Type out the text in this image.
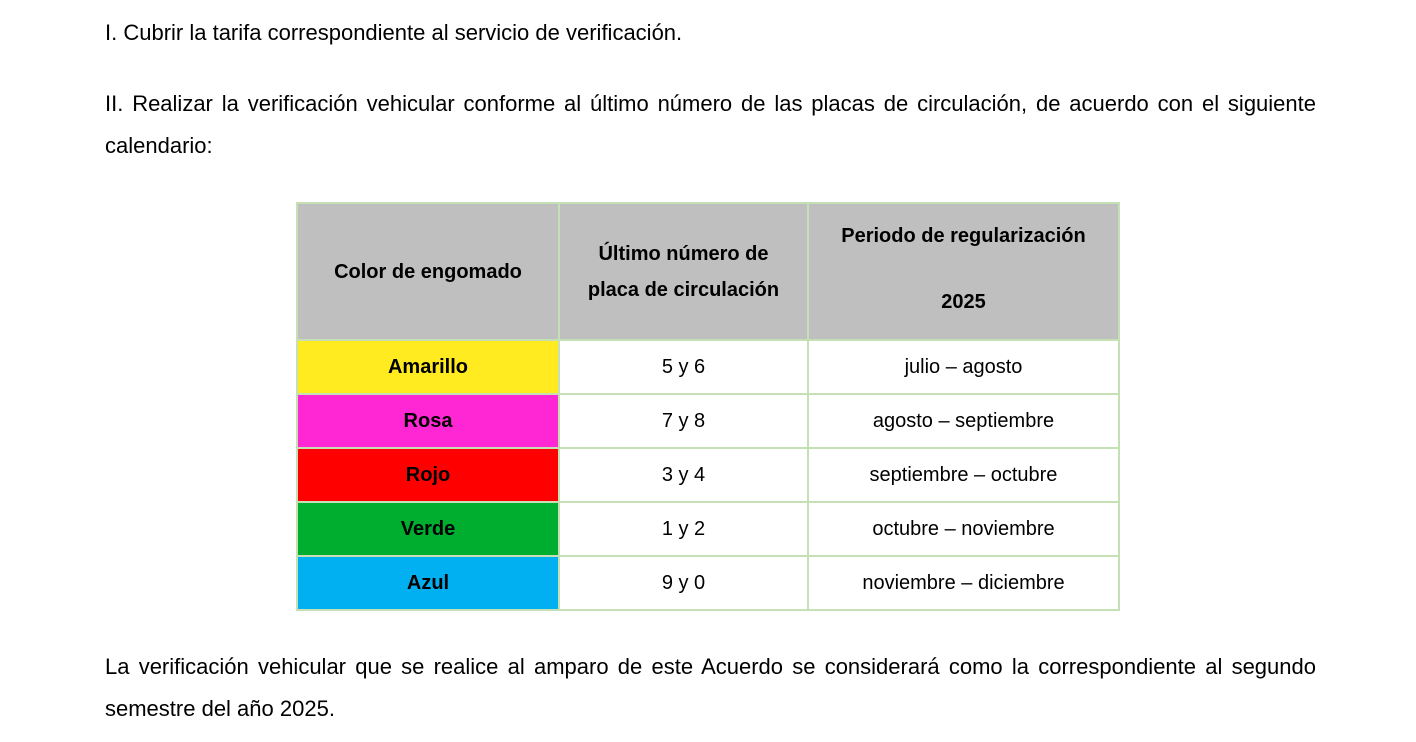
I. Cubrir la tarifa correspondiente al servicio de verificación.

II. Realizar la verificación vehicular conforme al último número de las placas de circulación, de acuerdo con el siguiente calendario:

Color de engomado	Último número de placa de circulación	Periodo de regularización
2025

Amarillo	5 y 6	julio – agosto
Rosa	7 y 8	agosto – septiembre
Rojo	3 y 4	septiembre – octubre
Verde	1 y 2	octubre – noviembre
Azul	9 y 0	noviembre – diciembre

La verificación vehicular que se realice al amparo de este Acuerdo se considerará como la correspondiente al segundo semestre del año 2025.
